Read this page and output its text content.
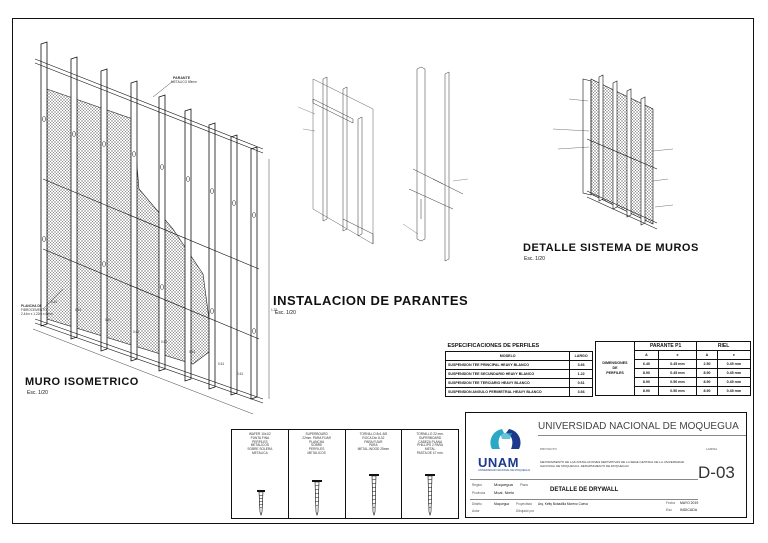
PARANTE
METALICO 89mm
PLANCHA DE
FIBROCEMENTO
2.44m x 1.22m x 8mm
0.61
0.61
0.61
0.61
0.61
0.61
0.61
0.61
1.22
MURO ISOMETRICO
Esc. 1/20
INSTALACION DE PARANTES
Esc. 1/20
DETALLE SISTEMA DE MUROS
Esc. 1/20
ESPECIFICACIONES DE PERFILES	
MODELO	LARGO
SUSPENSION TEE PRINCIPAL HEAVY BLANCO	3.66
SUSPENSION TEE SECUNDARIO HEAVY BLANCO	1.22
SUSPENSION TEE TERCIARIO HEAVY BLANCO	0.61
SUSPENSION ANGULO PERIMETRAL HEAVY BLANCO	3.66
DIMENSIONES
DE
PERFILES	PARANTE P1		RIEL	
	A	e	A	e
	6.40	0.45 mm	2.50	0.45 mm
	8.90	0.45 mm	8.90	0.45 mm
	8.90	0.50 mm	8.90	0.45 mm
	8.90	0.50 mm	8.90	0.45 mm
WAFER 10x1/2
PUNTA FINA
PERFILES
METALICOS
SOBRE SOLERA
METALICA
SUPERBOARD
22mm. PARA FIJAR
PLANCHA
SOBRE
PERFILES
METALICOS
TORNILLO 8x1-5/8
ROCA Din 8-32
PARA FIJAR
PARA
METAL-WOOD 25mm
TORNILLO 22 mm.
SUPERBOARD
CABEZA PLANA
PHILLIPS 2 PARA
METAL
PASTA DE 47 mm.
UNAM
UNIVERSIDAD NACIONAL DE MOQUEGUA
UNIVERSIDAD NACIONAL DE MOQUEGUA
PROYECTO	LAMINA
MEJORAMIENTO DE LAS INSTALACIONES DEPORTIVAS DE LA SEDE CENTRAL DE LA UNIVERSIDAD NACIONAL DE MOQUEGUA, DEPARTAMENTO DE MOQUEGUA	D-03
Region	Moquegua Plano
Provincia Mcal. Nieto	DETALLE DE DRYWALL
Distrito	Moquegua Proyectista Arq. Ketty Bobadilla Moreno Cueva
Autor	Dibujado por
Fecha MAYO 2019
Esc INDICADA
